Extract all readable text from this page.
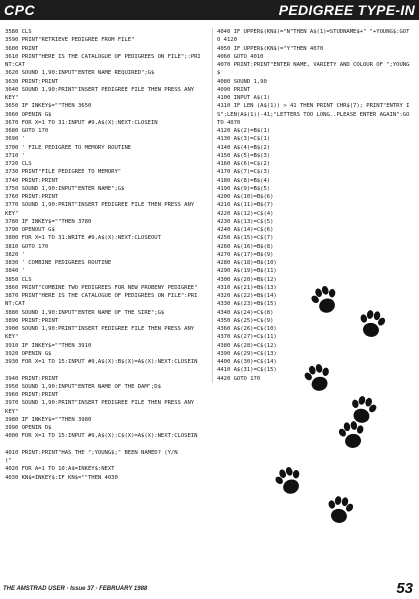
CPC	PEDIGREE TYPE-IN
3580 CLS
3590 PRINT"RETRIEVE PEDIGREE FROM FILE"
3600 PRINT
3610 PRINT"HERE IS THE CATALOGUE OF PEDIGREES ON FILE";:PRI
NT:CAT
3620 SOUND 1,90:INPUT"ENTER NAME REQUIRED";G$
3630 PRINT:PRINT
3640 SOUND 1,90:PRINT"INSERT PEDIGREE FILE THEN PRESS ANY
KEY"
3650 IF INKEY$=""THEN 3650
3660 OPENIN G$
3670 FOR X=1 TO 31:INPUT #9,A$(X):NEXT:CLOSEIN
3680 GOTO 170
3690 '
3700 ' FILE PEDIGREE TO MEMORY ROUTINE
3710 '
3720 CLS
3730 PRINT"FILE PEDIGREE TO MEMORY"
3740 PRINT:PRINT
3750 SOUND 1,90:INPUT"ENTER NAME";G$
3760 PRINT:PRINT
3770 SOUND 1,90:PRINT"INSERT PEDIGREE FILE THEN PRESS ANY
KEY"
3780 IF INKEY$=""THEN 3780
3790 OPENOUT G$
3800 FOR X=1 TO 31:WRITE #9,A$(X):NEXT:CLOSEOUT
3810 GOTO 170
3820 '
3830 ' COMBINE PEDIGREES ROUTINE
3840 '
3850 CLS
3860 PRINT"COMBINE TWO PEDIGREES FOR NEW PROBENY PEDIGREE"
3870 PRINT"HERE IS THE CATALOGUE OF PEDIGREES ON FILE":PRI
NT:CAT
3880 SOUND 1,90:INPUT"ENTER NAME OF THE SIRE";G$
3890 PRINT:PRINT
3900 SOUND 1,90:PRINT"INSERT PEDIGREE FILE THEN PRESS ANY
KEY"
3910 IF INKEY$=""THEN 3910
3920 OPENIN G$
3930 FOR X=1 TO 15:INPUT #9,A$(X):B$(X)=A$(X):NEXT:CLOSEIN
3940 PRINT:PRINT
3950 SOUND 1,90:INPUT"ENTER NAME OF THE DAM";D$
3960 PRINT:PRINT
3970 SOUND 1,90:PRINT"INSERT PEDIGREE FILE THEN PRESS ANY
KEY"
3980 IF INKEY$=""THEN 3980
3990 OPENIN D$
4000 FOR X=1 TO 15:INPUT #9,A$(X):C$(X)=A$(X):NEXT:CLOSEIN
4010 PRINT:PRINT"HAS THE ";YOUNG$;" BEEN NAMED? (Y/N
)"
4020 FOR A=1 TO 10:A$=INKEY$:NEXT
4030 KN$=INKEY$:IF KN$=""THEN 4030
4040 IF UPPER$(KN$)="N"THEN A$(1)=STUDNAME$+" "+YOUNG$:GOT
O 4120
4050 IF UPPER$(KN$)="Y"THEN 4070
4060 GOTO 4010
4070 PRINT:PRINT"ENTER NAME, VARIETY AND COLOUR OF ";YOUNG
$
4080 SOUND 1,90
4090 PRINT
4100 INPUT A$(1)
4110 IF LEN (A$(1)) > 41 THEN PRINT CHR$(7); PRINT"ENTRY I
S";LEN(A$(1))-41;"LETTERS TOO LONG..PLEASE ENTER AGAIN":GO
TO 4070
4120 A$(2)=B$(1)
4130 A$(3)=C$(1)
4140 A$(4)=B$(2)
4150 A$(5)=B$(3)
4160 A$(6)=C$(2)
4170 A$(7)=C$(3)
4180 A$(8)=B$(4)
4190 A$(9)=B$(5)
4200 A$(10)=B$(6)
4210 A$(11)=B$(7)
4220 A$(12)=C$(4)
4230 A$(13)=C$(5)
4240 A$(14)=C$(6)
4250 A$(15)=C$(7)
4260 A$(16)=B$(8)
4270 A$(17)=B$(9)
4280 A$(18)=B$(10)
4290 A$(19)=B$(11)
4300 A$(20)=B$(12)
4310 A$(21)=B$(13)
4320 A$(22)=B$(14)
4330 A$(23)=B$(15)
4340 A$(24)=C$(8)
4350 A$(25)=C$(9)
4360 A$(26)=C$(10)
4370 A$(27)=C$(11)
4380 A$(28)=C$(12)
4390 A$(29)=C$(13)
4400 A$(30)=C$(14)
4410 A$(31)=C$(15)
4420 GOTO 170
THE AMSTRAD USER · Issue 37 · FEBRUARY 1988	53
